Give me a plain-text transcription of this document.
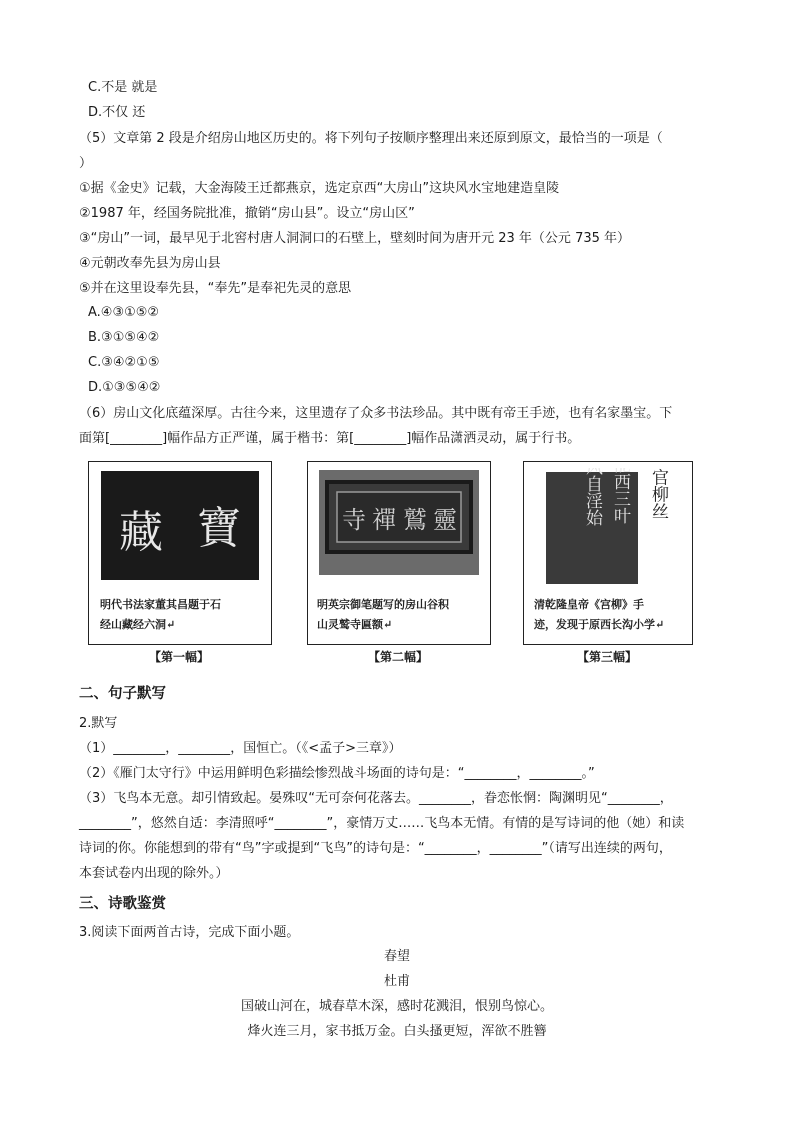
C.不是 就是
D.不仅 还
（5）文章第 2 段是介绍房山地区历史的。将下列句子按顺序整理出来还原到原文，最恰当的一项是（
）
①据《金史》记载，大金海陵王迁都燕京，选定京西“大房山”这块风水宝地建造皇陵
②1987 年，经国务院批准，撤销“房山县”。设立“房山区”
③“房山”一词，最早见于北窖村唐人洞洞口的石壁上，壁刻时间为唐开元 23 年（公元 735 年）
④元朝改奉先县为房山县
⑤并在这里设奉先县，“奉先”是奉祀先灵的意思
A.④③①⑤②
B.③①⑤④②
C.③④②①⑤
D.①③⑤④②
（6）房山文化底蕴深厚。古往今来，这里遗存了众多书法珍品。其中既有帝王手迹，也有名家墨宝。下
面第[________]幅作品方正严谨，属于楷书：第[________]幅作品潇洒灵动，属于行书。
寶
藏
明代书法家董其昌题于石
经山藏经六洞↵
【第一幅】
靈
鷲
禪
寺
明英宗御笔题写的房山谷积
山灵鹫寺匾额↵
【第二幅】
官柳丝
能西三叶
风自淫始
清乾隆皇帝《宫柳》手
迹，发现于原西长沟小学↵
【第三幅】
二、句子默写
2.默写
（1）________，________，国恒亡。（《<孟子>三章》）
（2）《雁门太守行》中运用鲜明色彩描绘惨烈战斗场面的诗句是：“________，________。”
（3）飞鸟本无意。却引情致起。晏殊叹“无可奈何花落去。________，眷恋怅惘：陶渊明见“________，
________”，悠然自适：李清照呼“________”，豪情万丈……飞鸟本无情。有情的是写诗词的他（她）和读
诗词的你。你能想到的带有“鸟”字或提到“飞鸟”的诗句是：“________，________”（请写出连续的两句，
本套试卷内出现的除外。）
三、诗歌鉴赏
3.阅读下面两首古诗，完成下面小题。
春望
杜甫
国破山河在，城春草木深，感时花溅泪，恨别鸟惊心。
烽火连三月，家书抵万金。白头搔更短，浑欲不胜簪
